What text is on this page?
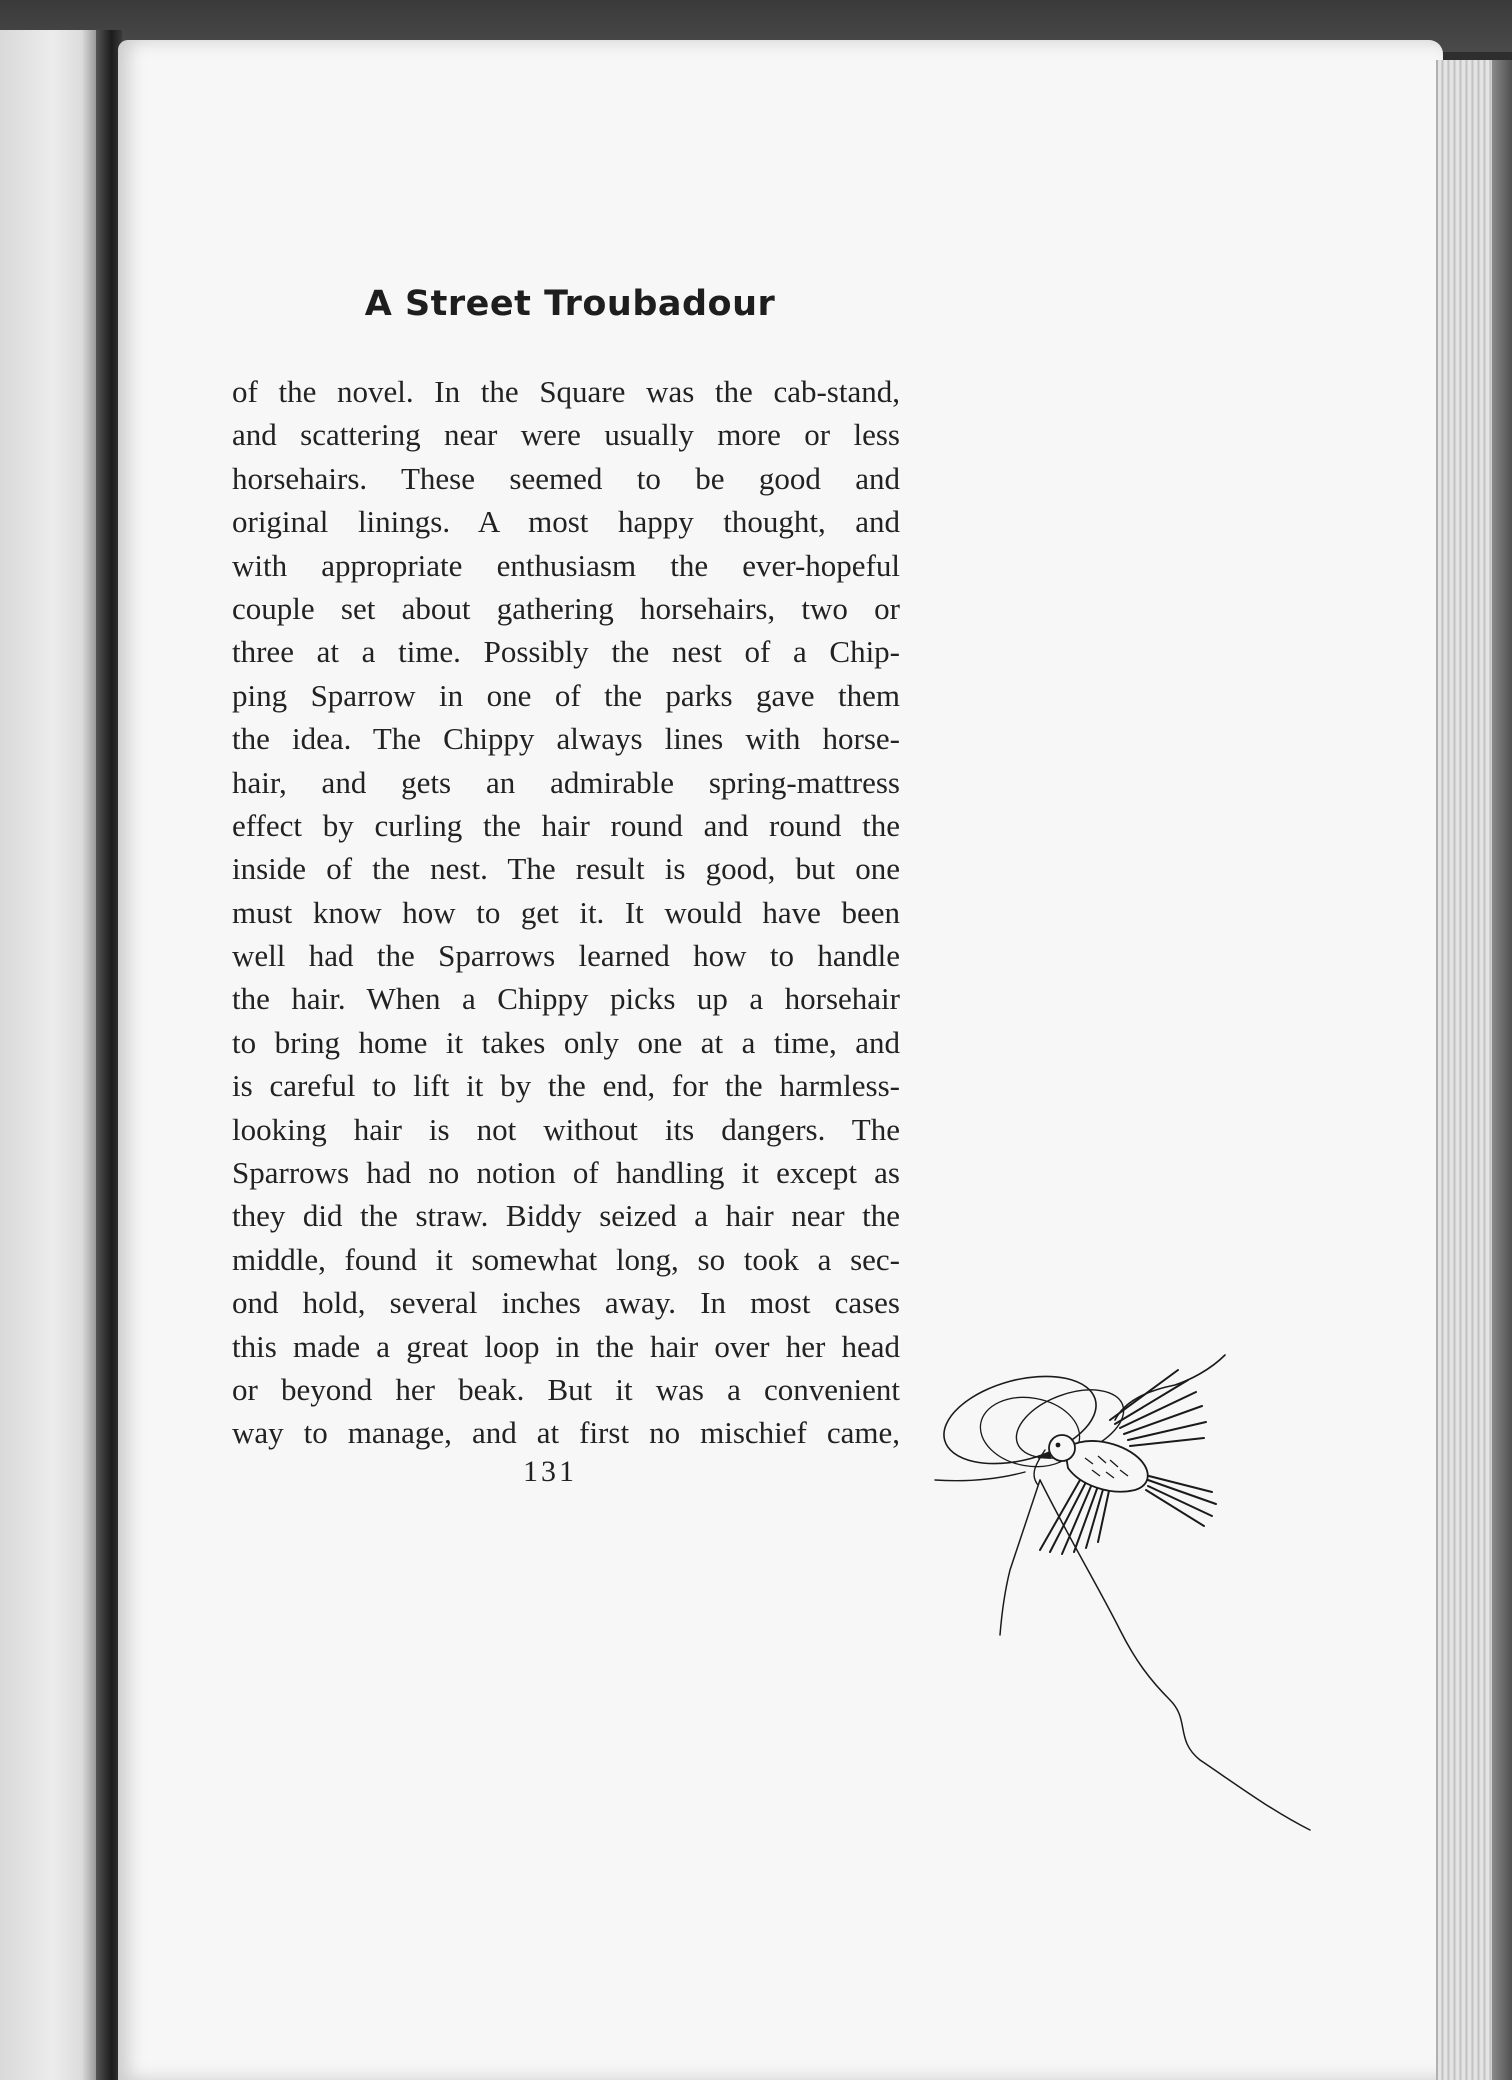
A Street Troubadour
of the novel. In the Square was the cab-stand,
and scattering near were usually more or less
horsehairs. These seemed to be good and
original linings. A most happy thought, and
with appropriate enthusiasm the ever-hopeful
couple set about gathering horsehairs, two or
three at a time. Possibly the nest of a Chip-
ping Sparrow in one of the parks gave them
the idea. The Chippy always lines with horse-
hair, and gets an admirable spring-mattress
effect by curling the hair round and round the
inside of the nest. The result is good, but one
must know how to get it. It would have been
well had the Sparrows learned how to handle
the hair. When a Chippy picks up a horsehair
to bring home it takes only one at a time, and
is careful to lift it by the end, for the harmless-
looking hair is not without its dangers. The
Sparrows had no notion of handling it except as
they did the straw. Biddy seized a hair near the
middle, found it somewhat long, so took a sec-
ond hold, several inches away. In most cases
this made a great loop in the hair over her head
or beyond her beak. But it was a convenient
way to manage, and at first no mischief came,
131
